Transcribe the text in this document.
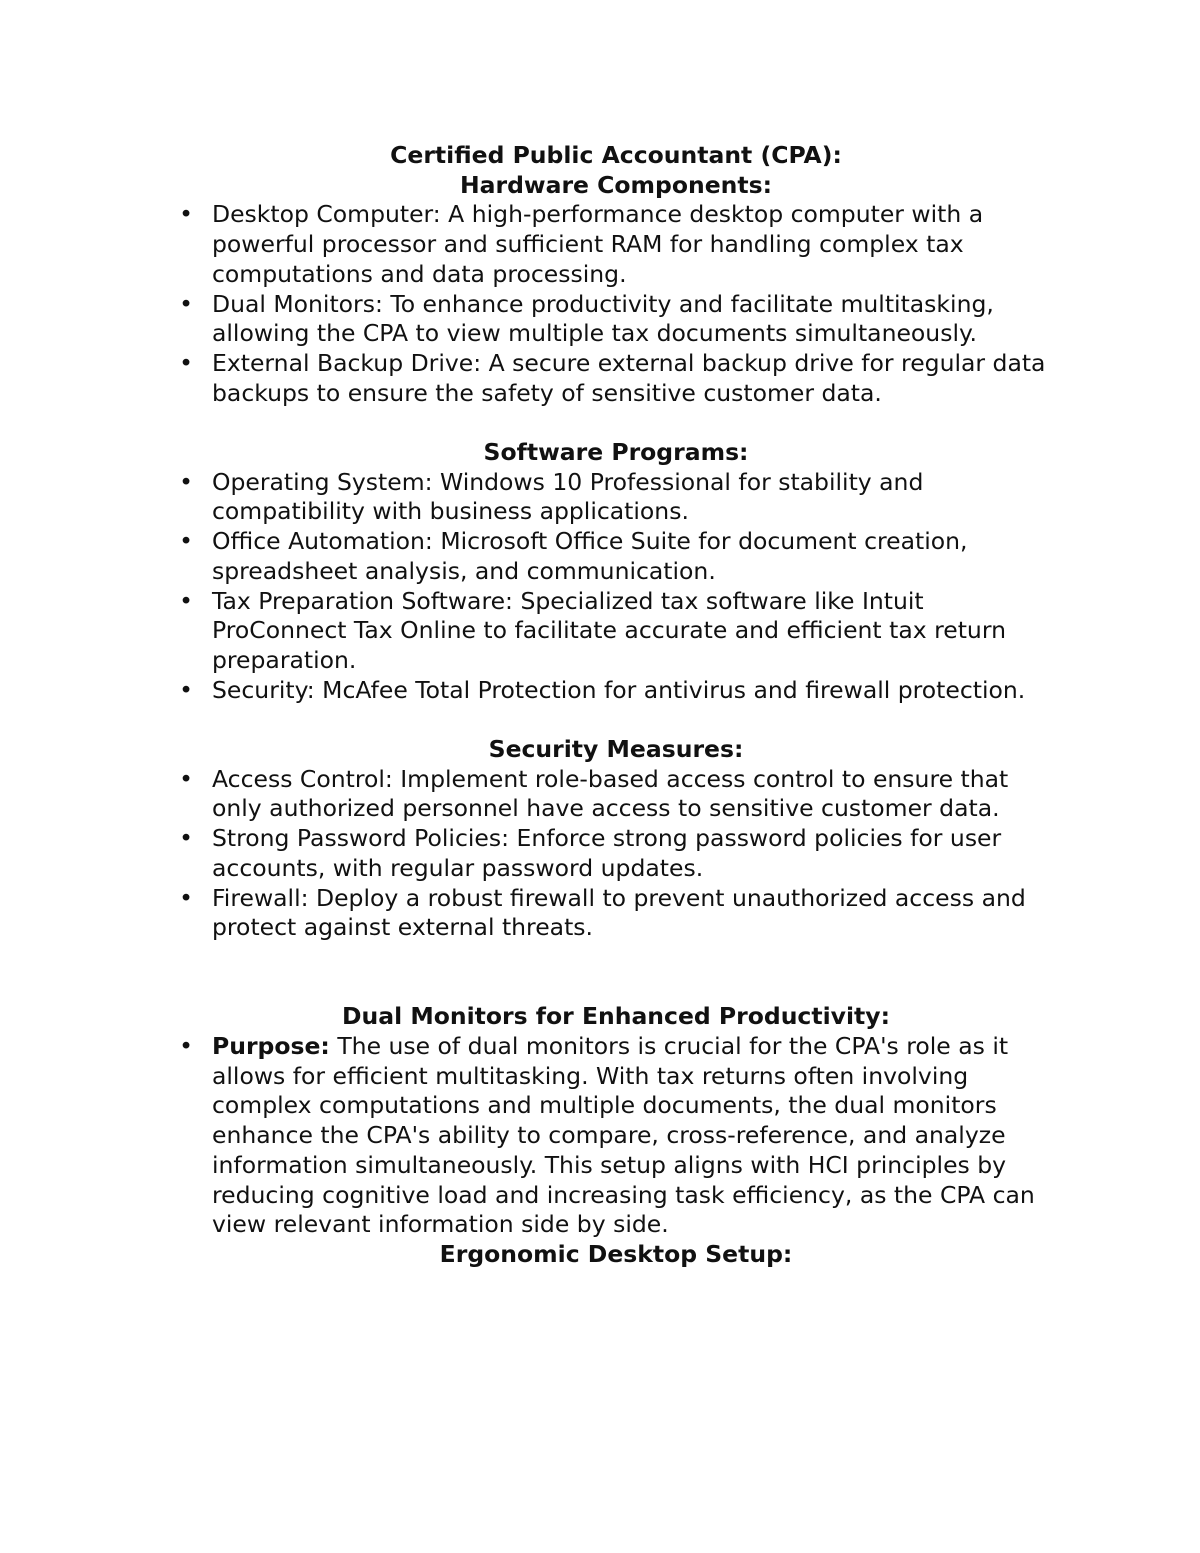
Certified Public Accountant (CPA):
Hardware Components:
• Desktop Computer: A high-performance desktop computer with a powerful processor and sufficient RAM for handling complex tax computations and data processing.
• Dual Monitors: To enhance productivity and facilitate multitasking, allowing the CPA to view multiple tax documents simultaneously.
• External Backup Drive: A secure external backup drive for regular data backups to ensure the safety of sensitive customer data.
Software Programs:
• Operating System: Windows 10 Professional for stability and compatibility with business applications.
• Office Automation: Microsoft Office Suite for document creation, spreadsheet analysis, and communication.
• Tax Preparation Software: Specialized tax software like Intuit ProConnect Tax Online to facilitate accurate and efficient tax return preparation.
• Security: McAfee Total Protection for antivirus and firewall protection.
Security Measures:
• Access Control: Implement role-based access control to ensure that only authorized personnel have access to sensitive customer data.
• Strong Password Policies: Enforce strong password policies for user accounts, with regular password updates.
• Firewall: Deploy a robust firewall to prevent unauthorized access and protect against external threats.
Dual Monitors for Enhanced Productivity:
• Purpose: The use of dual monitors is crucial for the CPA's role as it allows for efficient multitasking. With tax returns often involving complex computations and multiple documents, the dual monitors enhance the CPA's ability to compare, cross-reference, and analyze information simultaneously. This setup aligns with HCI principles by reducing cognitive load and increasing task efficiency, as the CPA can view relevant information side by side.
Ergonomic Desktop Setup:
